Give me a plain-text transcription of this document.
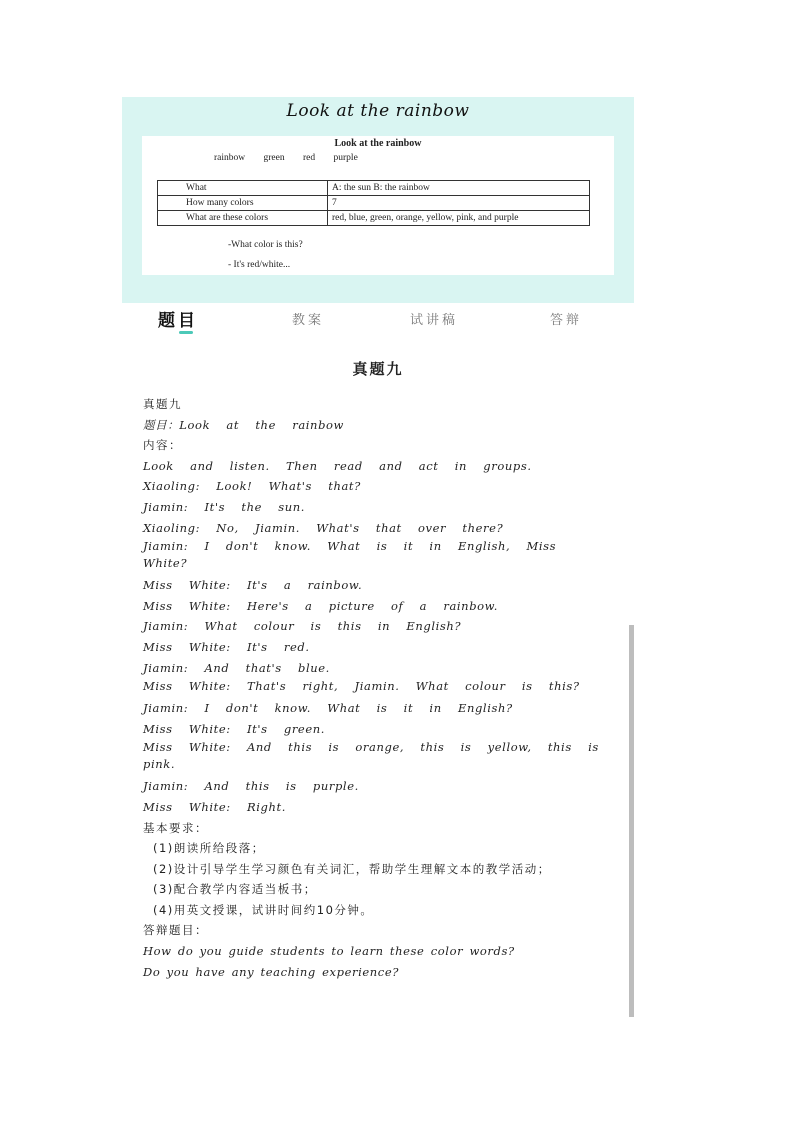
Look at the rainbow
Look at the rainbow
rainbow green red purple
What	A: the sun B: the rainbow
How many colors	7
What are these colors	red, blue, green, orange, yellow, pink, and purple
-What color is this?
- It's red/white...
题目	教案	试讲稿	答辩
真题九
真题九
题目：Look at the rainbow
内容：
Look and listen. Then read and act in groups.
Xiaoling: Look! What's that?
Jiamin: It's the sun.
Xiaoling: No, Jiamin. What's that over there?
Jiamin: I don't know. What is it in English, Miss White?
Miss White: It's a rainbow.
Miss White: Here's a picture of a rainbow.
Jiamin: What colour is this in English?
Miss White: It's red.
Jiamin: And that's blue.
Miss White: That's right, Jiamin. What colour is this?
Jiamin: I don't know. What is it in English?
Miss White: It's green.
Miss White: And this is orange, this is yellow, this is pink.
Jiamin: And this is purple.
Miss White: Right.
基本要求：
(1)朗读所给段落；
(2)设计引导学生学习颜色有关词汇，帮助学生理解文本的教学活动；
(3)配合教学内容适当板书；
(4)用英文授课，试讲时间约10分钟。
答辩题目：
How do you guide students to learn these color words?
Do you have any teaching experience?
